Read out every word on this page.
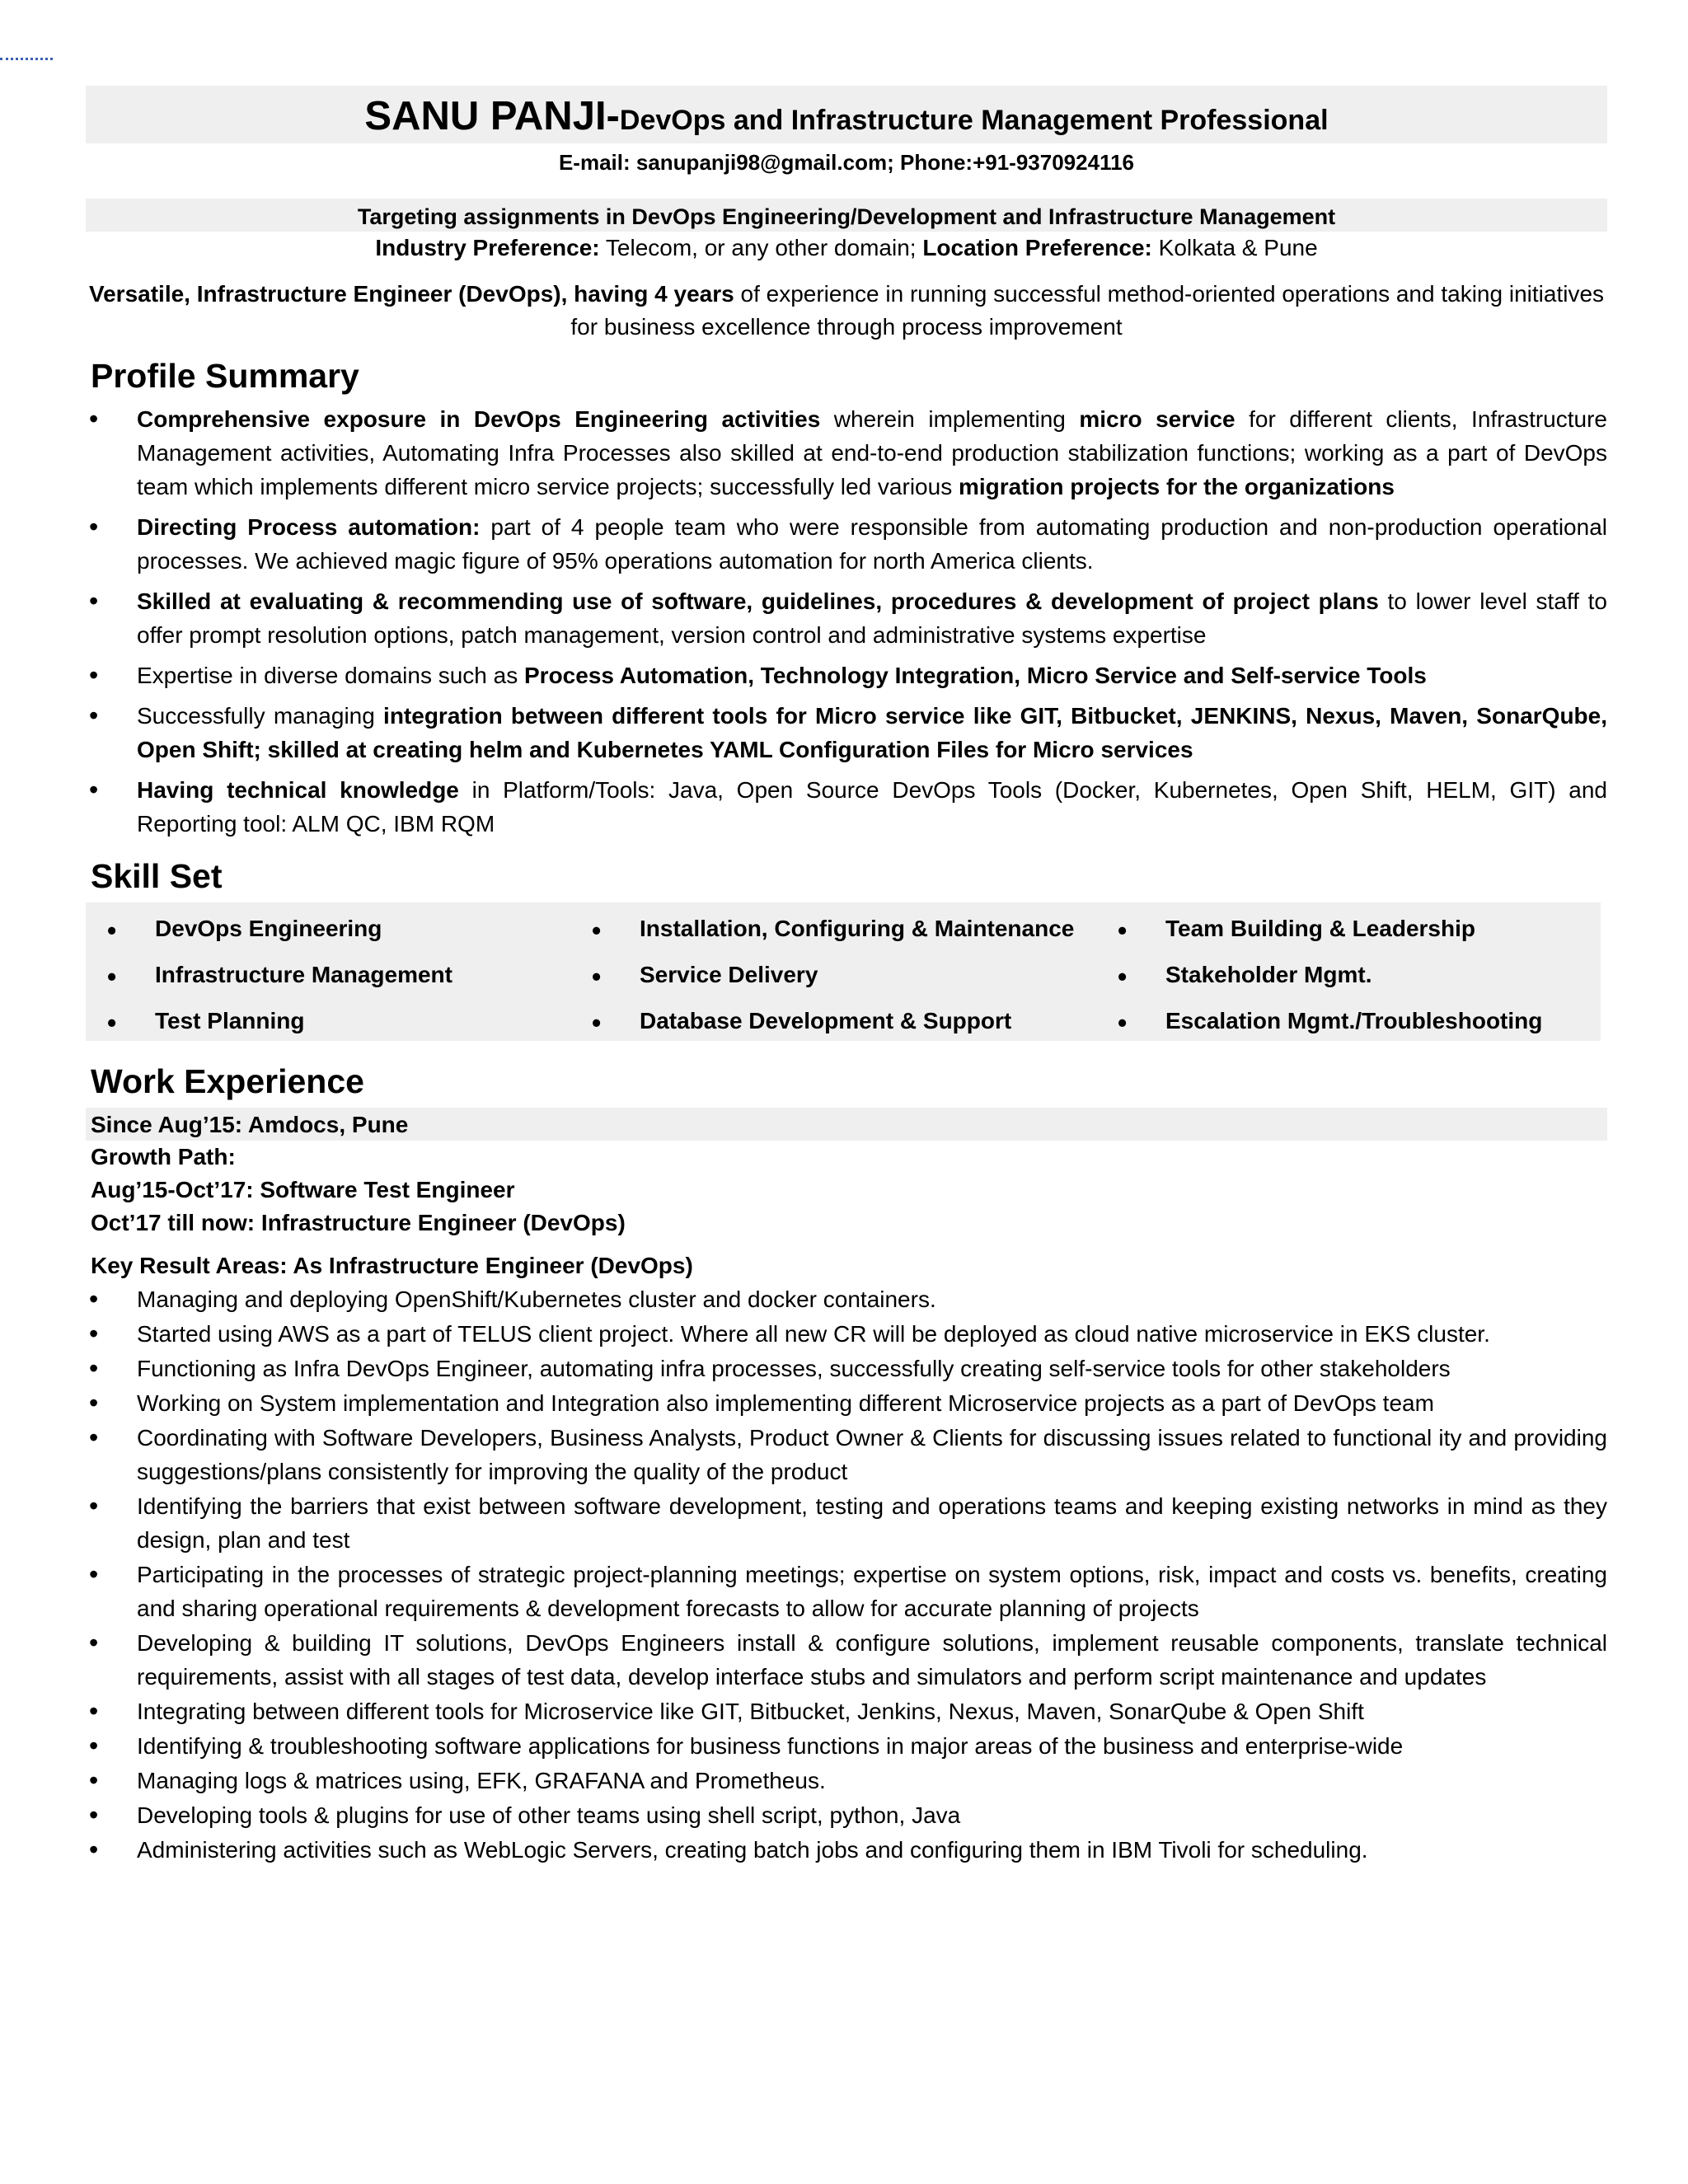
SANU PANJI-DevOps and Infrastructure Management Professional
E-mail: sanupanji98@gmail.com; Phone:+91-9370924116
Targeting assignments in DevOps Engineering/Development and Infrastructure Management
Industry Preference: Telecom, or any other domain; Location Preference: Kolkata & Pune
Versatile, Infrastructure Engineer (DevOps), having 4 years of experience in running successful method-oriented operations and taking initiatives for business excellence through process improvement
Profile Summary
• Comprehensive exposure in DevOps Engineering activities wherein implementing micro service for different clients, Infrastructure Management activities, Automating Infra Processes also skilled at end-to-end production stabilization functions; working as a part of DevOps team which implements different micro service projects; successfully led various migration projects for the organizations
• Directing Process automation: part of 4 people team who were responsible from automating production and non-production operational processes. We achieved magic figure of 95% operations automation for north America clients.
• Skilled at evaluating & recommending use of software, guidelines, procedures & development of project plans to lower level staff to offer prompt resolution options, patch management, version control and administrative systems expertise
• Expertise in diverse domains such as Process Automation, Technology Integration, Micro Service and Self-service Tools
• Successfully managing integration between different tools for Micro service like GIT, Bitbucket, JENKINS, Nexus, Maven, SonarQube, Open Shift; skilled at creating helm and Kubernetes YAML Configuration Files for Micro services
• Having technical knowledge in Platform/Tools: Java, Open Source DevOps Tools (Docker, Kubernetes, Open Shift, HELM, GIT) and Reporting tool: ALM QC, IBM RQM
Skill Set
• DevOps Engineering
• Infrastructure Management
• Test Planning
• Installation, Configuring & Maintenance
• Service Delivery
• Database Development & Support
• Team Building & Leadership
• Stakeholder Mgmt.
• Escalation Mgmt./Troubleshooting
Work Experience
Since Aug’15: Amdocs, Pune
Growth Path:
Aug’15-Oct’17: Software Test Engineer
Oct’17 till now: Infrastructure Engineer (DevOps)
Key Result Areas: As Infrastructure Engineer (DevOps)
• Managing and deploying OpenShift/Kubernetes cluster and docker containers.
• Started using AWS as a part of TELUS client project. Where all new CR will be deployed as cloud native microservice in EKS cluster.
• Functioning as Infra DevOps Engineer, automating infra processes, successfully creating self-service tools for other stakeholders
• Working on System implementation and Integration also implementing different Microservice projects as a part of DevOps team
• Coordinating with Software Developers, Business Analysts, Product Owner & Clients for discussing issues related to functional ity and providing suggestions/plans consistently for improving the quality of the product
• Identifying the barriers that exist between software development, testing and operations teams and keeping existing networks in mind as they design, plan and test
• Participating in the processes of strategic project-planning meetings; expertise on system options, risk, impact and costs vs. benefits, creating and sharing operational requirements & development forecasts to allow for accurate planning of projects
• Developing & building IT solutions, DevOps Engineers install & configure solutions, implement reusable components, translate technical requirements, assist with all stages of test data, develop interface stubs and simulators and perform script maintenance and updates
• Integrating between different tools for Microservice like GIT, Bitbucket, Jenkins, Nexus, Maven, SonarQube & Open Shift
• Identifying & troubleshooting software applications for business functions in major areas of the business and enterprise-wide
• Managing logs & matrices using, EFK, GRAFANA and Prometheus.
• Developing tools & plugins for use of other teams using shell script, python, Java
• Administering activities such as WebLogic Servers, creating batch jobs and configuring them in IBM Tivoli for scheduling.
